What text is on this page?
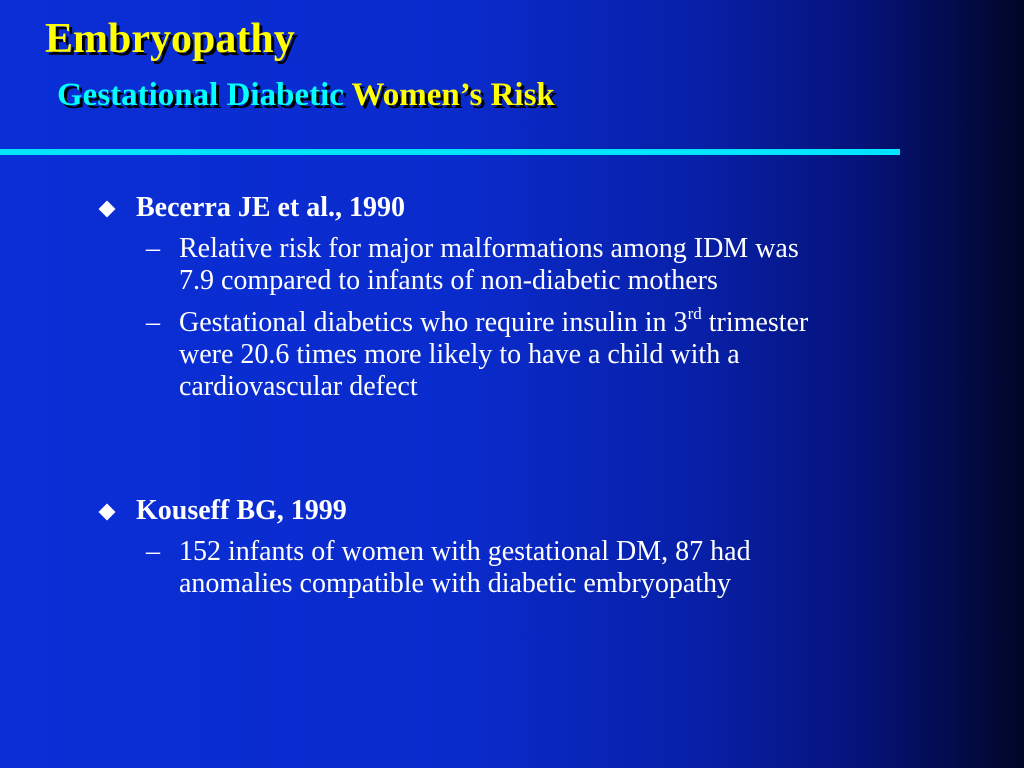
Embryopathy
Gestational Diabetic Women’s Risk

Becerra JE et al., 1990

– Relative risk for major malformations among IDM was
7.9 compared to infants of non-diabetic mothers
– Gestational diabetics who require insulin in 3rd trimester
were 20.6 times more likely to have a child with a
cardiovascular defect

Kouseff BG, 1999

– 152 infants of women with gestational DM, 87 had
anomalies compatible with diabetic embryopathy
